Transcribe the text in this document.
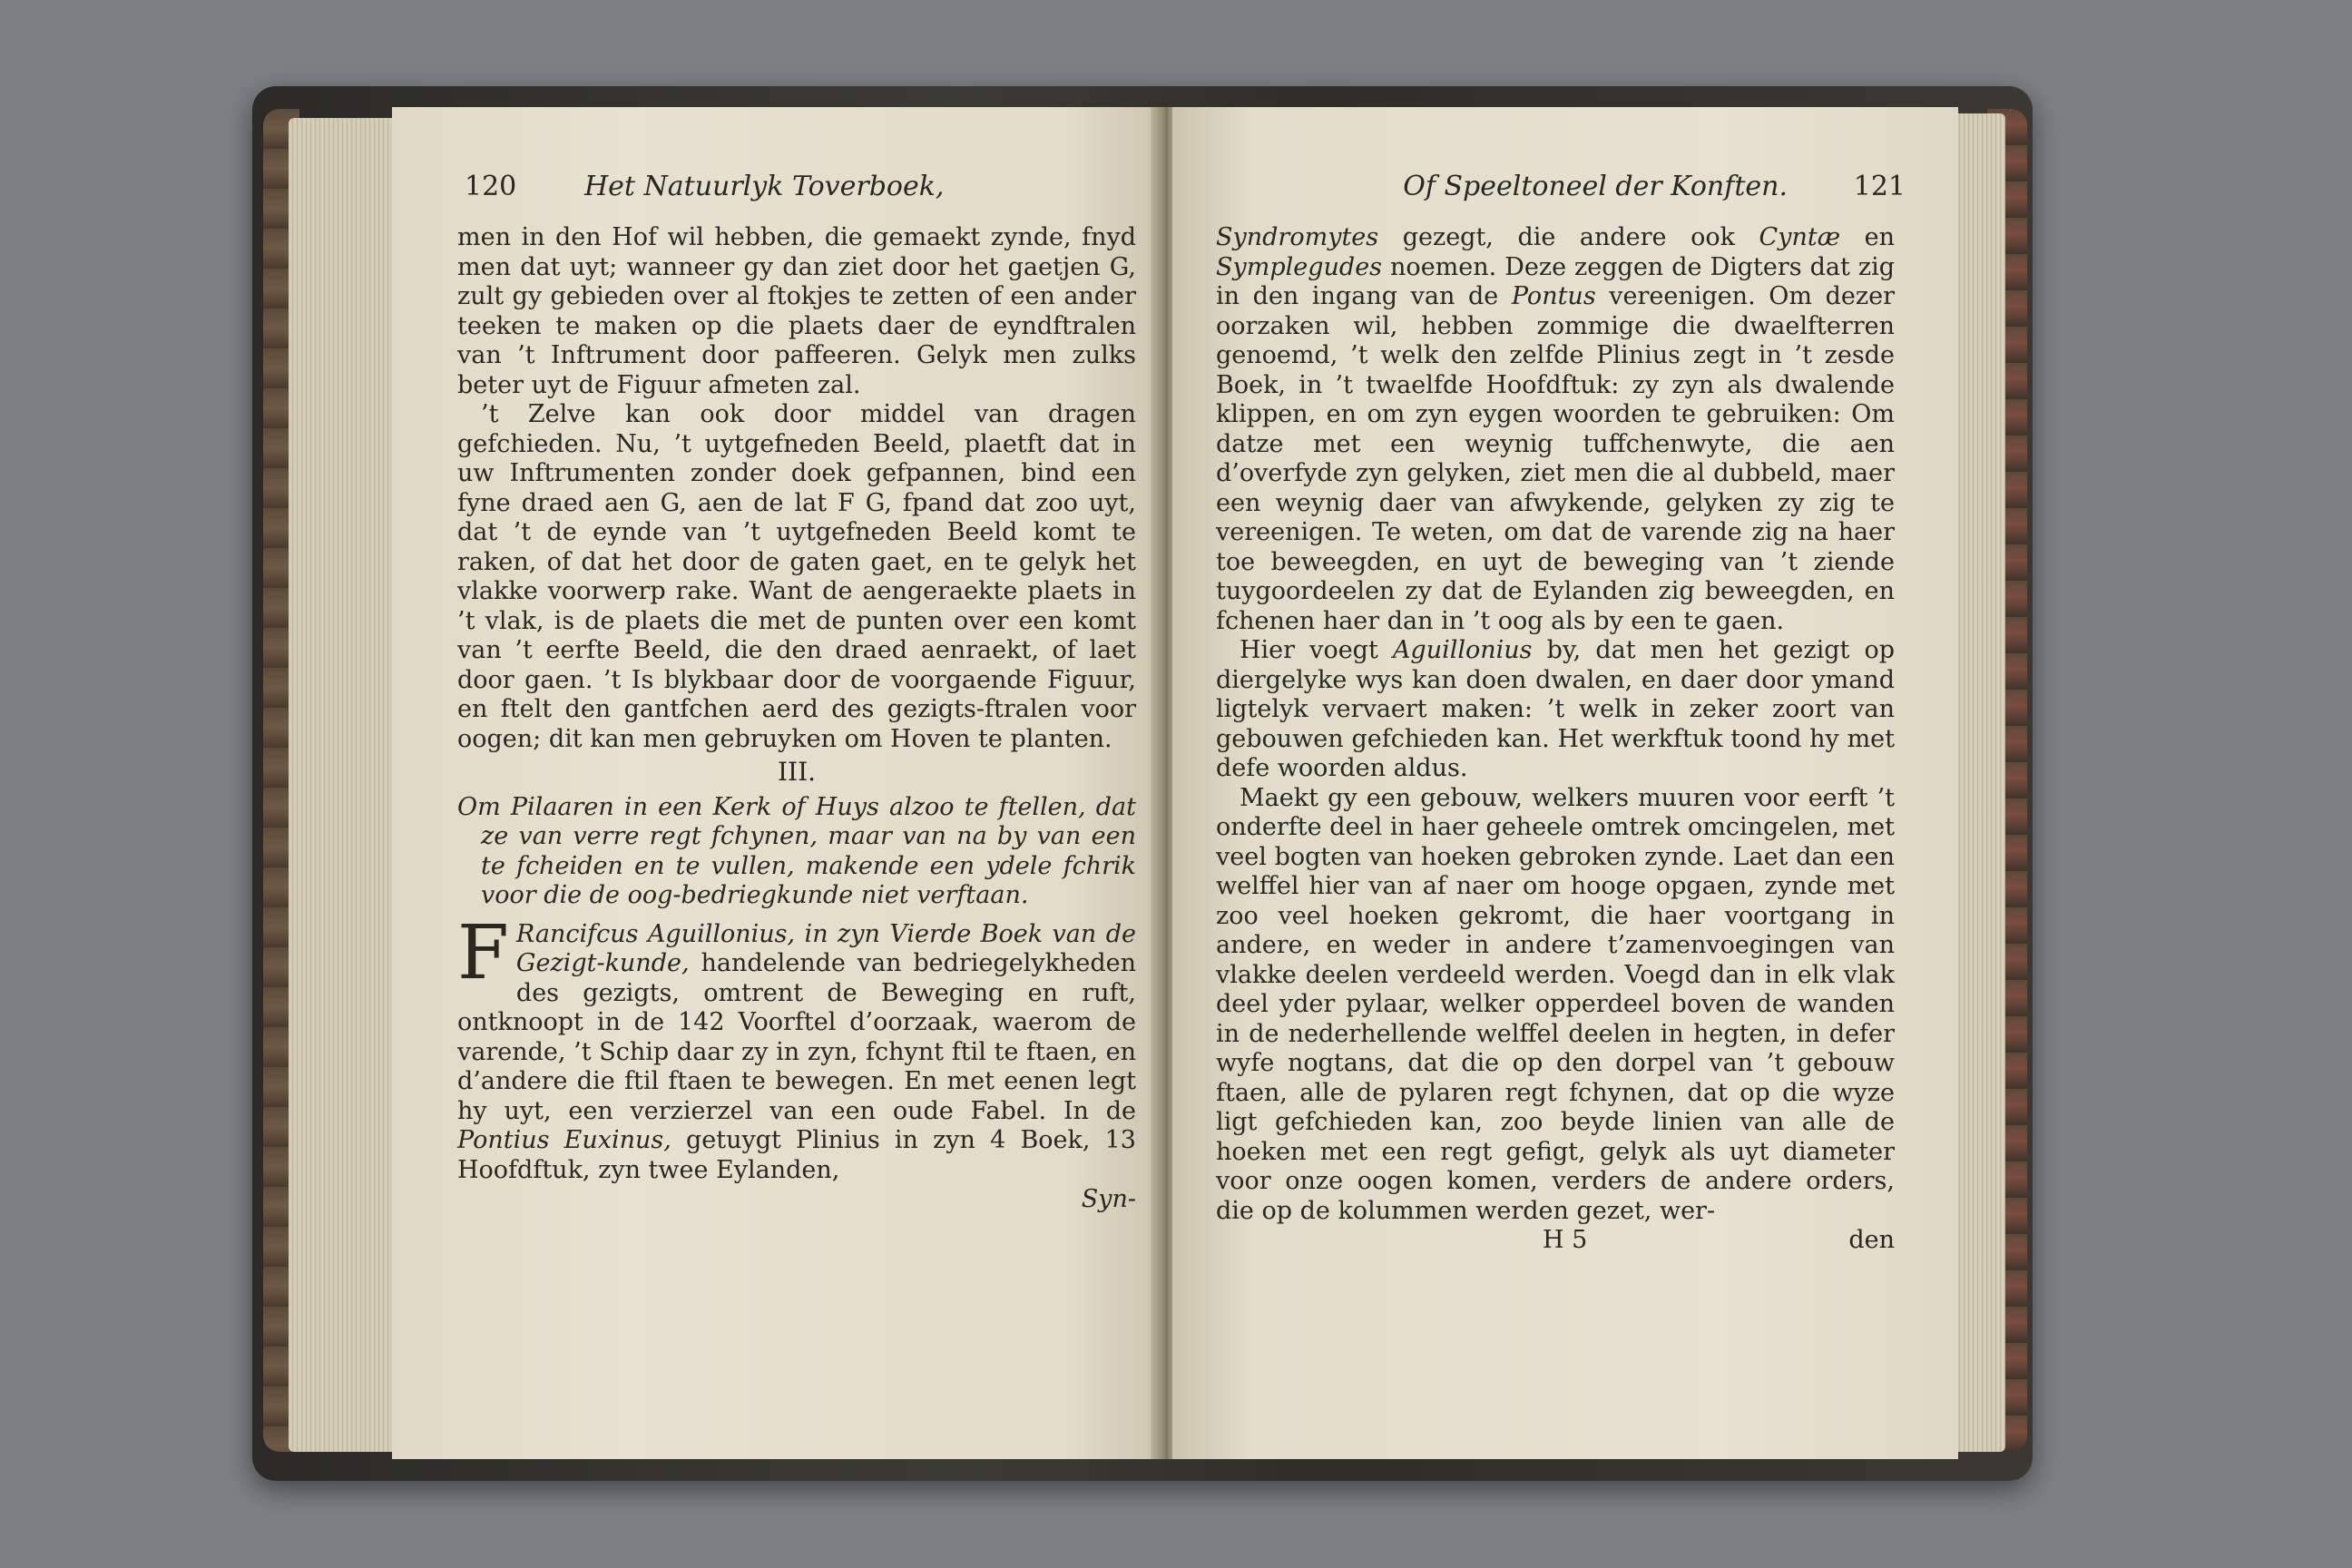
120 Het Natuurlyk Toverboek,

men in den Hof wil hebben, die gemaekt zynde, fnyd men dat uyt; wanneer gy dan ziet door het gaetjen G, zult gy gebieden over al ftokjes te zetten of een ander teeken te maken op die plaets daer de eyndftralen van ’t Inftrument door paffeeren. Gelyk men zulks beter uyt de Figuur afmeten zal.

’t Zelve kan ook door middel van dragen gefchieden. Nu, ’t uytgefneden Beeld, plaetft dat in uw Inftrumenten zonder doek gefpannen, bind een fyne draed aen G, aen de lat F G, fpand dat zoo uyt, dat ’t de eynde van ’t uytgefneden Beeld komt te raken, of dat het door de gaten gaet, en te gelyk het vlakke voorwerp rake. Want de aengeraekte plaets in ’t vlak, is de plaets die met de punten over een komt van ’t eerfte Beeld, die den draed aenraekt, of laet door gaen. ’t Is blykbaar door de voorgaende Figuur, en ftelt den gantfchen aerd des gezigts-ftralen voor oogen; dit kan men gebruyken om Hoven te planten.

III.

Om Pilaaren in een Kerk of Huys alzoo te ftellen, dat ze van verre regt fchynen, maar van na by van een te fcheiden en te vullen, makende een ydele fchrik voor die de oog-bedriegkunde niet verftaan.

F Rancifcus Aguillonius, in zyn Vierde Boek van de Gezigt-kunde, handelende van bedriegelykheden des gezigts, omtrent de Beweging en ruft, ontknoopt in de 142 Voorftel d’oorzaak, waerom de varende, ’t Schip daar zy in zyn, fchynt ftil te ftaen, en d’andere die ftil ftaen te bewegen. En met eenen legt hy uyt, een verzierzel van een oude Fabel. In de Pontius Euxinus, getuygt Plinius in zyn 4 Boek, 13 Hoofdftuk, zyn twee Eylanden,

Syn-
Of Speeltoneel der Konften. 121

Syndromytes gezegt, die andere ook Cyntæ en Symplegudes noemen. Deze zeggen de Digters dat zig in den ingang van de Pontus vereenigen. Om dezer oorzaken wil, hebben zommige die dwaelfterren genoemd, ’t welk den zelfde Plinius zegt in ’t zesde Boek, in ’t twaelfde Hoofdftuk: zy zyn als dwalende klippen, en om zyn eygen woorden te gebruiken: Om datze met een weynig tuffchenwyte, die aen d’overfyde zyn gelyken, ziet men die al dubbeld, maer een weynig daer van afwykende, gelyken zy zig te vereenigen. Te weten, om dat de varende zig na haer toe beweegden, en uyt de beweging van ’t ziende tuygoordeelen zy dat de Eylanden zig beweegden, en fchenen haer dan in ’t oog als by een te gaen.

Hier voegt Aguillonius by, dat men het gezigt op diergelyke wys kan doen dwalen, en daer door ymand ligtelyk vervaert maken: ’t welk in zeker zoort van gebouwen gefchieden kan. Het werkftuk toond hy met defe woorden aldus.

Maekt gy een gebouw, welkers muuren voor eerft ’t onderfte deel in haer geheele omtrek omcingelen, met veel bogten van hoeken gebroken zynde. Laet dan een welffel hier van af naer om hooge opgaen, zynde met zoo veel hoeken gekromt, die haer voortgang in andere, en weder in andere t’zamenvoegingen van vlakke deelen verdeeld werden. Voegd dan in elk vlak deel yder pylaar, welker opperdeel boven de wanden in de nederhellende welffel deelen in hegten, in defer wyfe nogtans, dat die op den dorpel van ’t gebouw ftaen, alle de pylaren regt fchynen, dat op die wyze ligt gefchieden kan, zoo beyde linien van alle de hoeken met een regt gefigt, gelyk als uyt diameter voor onze oogen komen, verders de andere orders, die op de kolummen werden gezet, wer-

H 5	den
